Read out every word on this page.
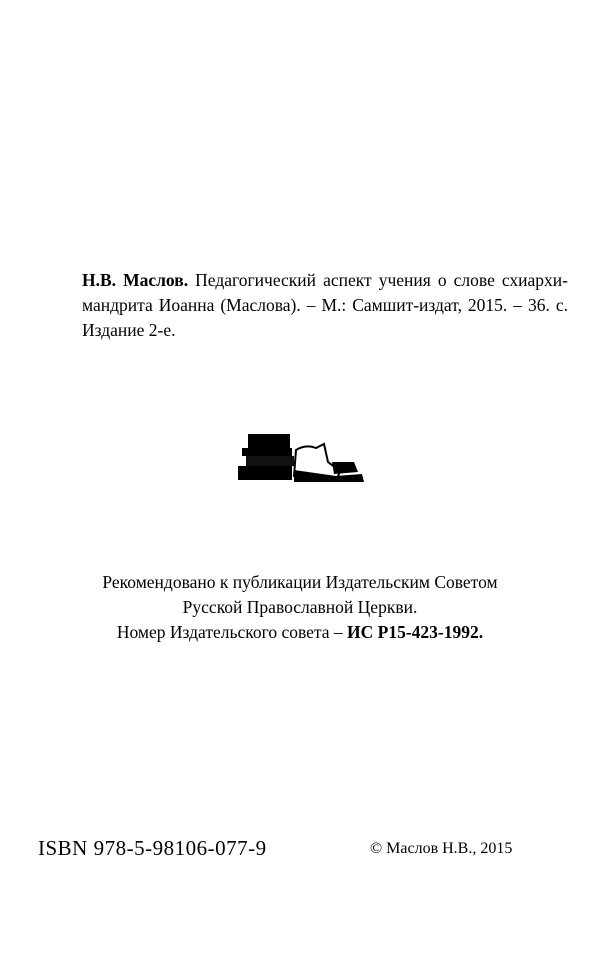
Н.В. Маслов. Педагогический аспект учения о слове схиархи-

мандрита Иоанна (Маслова). – М.: Самшит-издат, 2015. – 36. с.

Издание 2-е.

Рекомендовано к публикации Издательским Советом

Русской Православной Церкви.

Номер Издательского совета – ИС Р15-423-1992.

ISBN 978-5-98106-077-9	© Маслов Н.В., 2015
